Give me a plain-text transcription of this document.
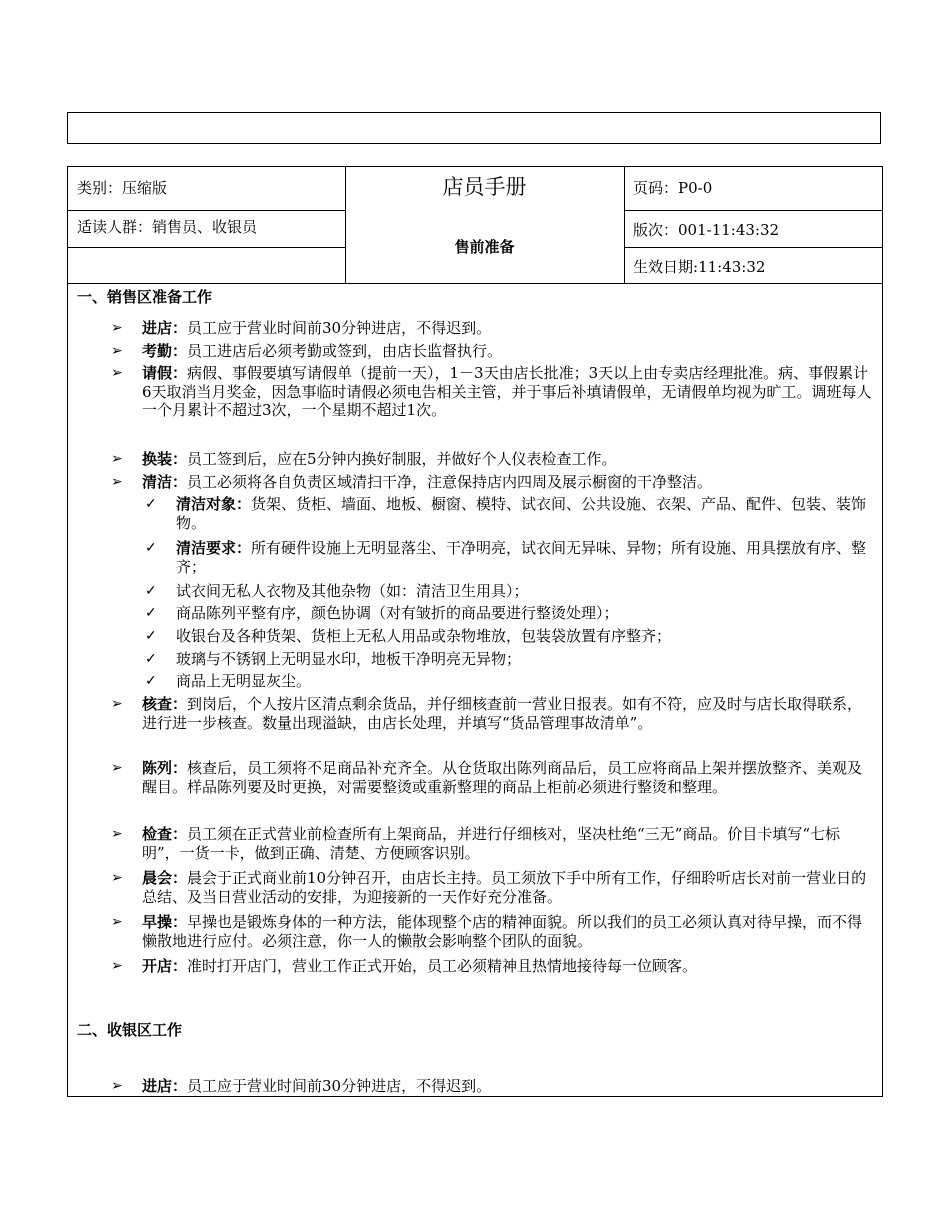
类别：压缩版	店员手册	页码：P0-0
适读人群：销售员、收银员
售前准备
版次：001-11:43:32
生效日期:11:43:32
一、销售区准备工作
➢ 进店：员工应于营业时间前30分钟进店，不得迟到。
➢ 考勤：员工进店后必须考勤或签到，由店长监督执行。
➢ 请假：病假、事假要填写请假单（提前一天），1－3天由店长批准；3天以上由专卖店经理批准。病、事假累计6天取消当月奖金，因急事临时请假必须电告相关主管，并于事后补填请假单，无请假单均视为旷工。调班每人一个月累计不超过3次，一个星期不超过1次。
➢ 换装：员工签到后，应在5分钟内换好制服，并做好个人仪表检查工作。
➢ 清洁：员工必须将各自负责区域清扫干净，注意保持店内四周及展示橱窗的干净整洁。
✓ 清洁对象：货架、货柜、墙面、地板、橱窗、模特、试衣间、公共设施、衣架、产品、配件、包装、装饰物。
✓ 清洁要求：所有硬件设施上无明显落尘、干净明亮，试衣间无异味、异物；所有设施、用具摆放有序、整齐；
✓ 试衣间无私人衣物及其他杂物（如：清洁卫生用具）；
✓ 商品陈列平整有序，颜色协调（对有皱折的商品要进行整烫处理）；
✓ 收银台及各种货架、货柜上无私人用品或杂物堆放，包装袋放置有序整齐；
✓ 玻璃与不锈钢上无明显水印，地板干净明亮无异物；
✓ 商品上无明显灰尘。
➢ 核查：到岗后，个人按片区清点剩余货品，并仔细核查前一营业日报表。如有不符，应及时与店长取得联系，进行进一步核查。数量出现溢缺，由店长处理，并填写“货品管理事故清单”。
➢ 陈列：核查后，员工须将不足商品补充齐全。从仓货取出陈列商品后，员工应将商品上架并摆放整齐、美观及醒目。样品陈列要及时更换，对需要整烫或重新整理的商品上柜前必须进行整烫和整理。
➢ 检查：员工须在正式营业前检查所有上架商品，并进行仔细核对，坚决杜绝“三无”商品。价目卡填写“七标明”，一货一卡，做到正确、清楚、方便顾客识别。
➢ 晨会：晨会于正式商业前10分钟召开，由店长主持。员工须放下手中所有工作，仔细聆听店长对前一营业日的总结、及当日营业活动的安排，为迎接新的一天作好充分准备。
➢ 早操：早操也是锻炼身体的一种方法，能体现整个店的精神面貌。所以我们的员工必须认真对待早操，而不得懒散地进行应付。必须注意，你一人的懒散会影响整个团队的面貌。
➢ 开店：准时打开店门，营业工作正式开始，员工必须精神且热情地接待每一位顾客。
二、收银区工作
➢ 进店：员工应于营业时间前30分钟进店，不得迟到。
